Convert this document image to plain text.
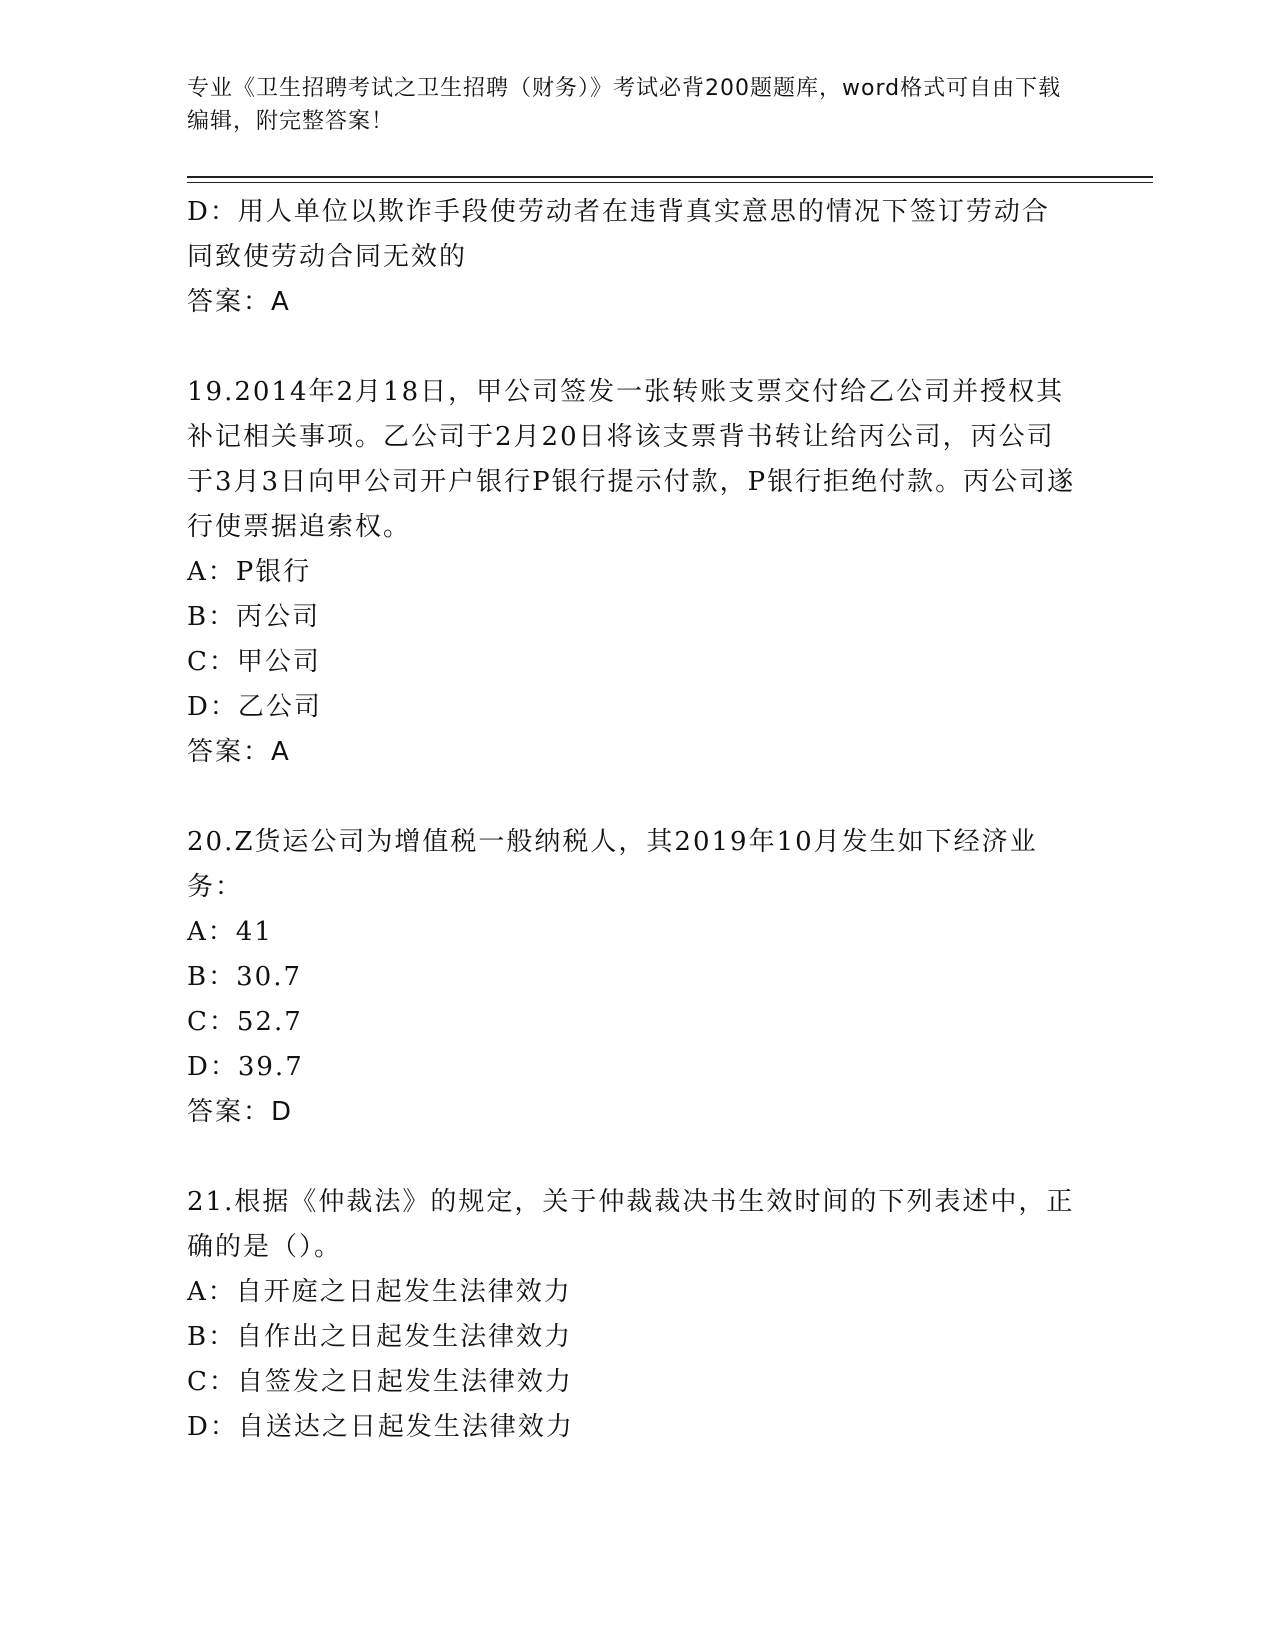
专业《卫生招聘考试之卫生招聘（财务）》考试必背200题题库，word格式可自由下载编辑，附完整答案！
D：用人单位以欺诈手段使劳动者在违背真实意思的情况下签订劳动合同致使劳动合同无效的
答案：A
19.2014年2月18日，甲公司签发一张转账支票交付给乙公司并授权其补记相关事项。乙公司于2月20日将该支票背书转让给丙公司，丙公司于3月3日向甲公司开户银行P银行提示付款，P银行拒绝付款。丙公司遂行使票据追索权。
A：P银行
B：丙公司
C：甲公司
D：乙公司
答案：A
20.Z货运公司为增值税一般纳税人，其2019年10月发生如下经济业务：
A：41
B：30.7
C：52.7
D：39.7
答案：D
21.根据《仲裁法》的规定，关于仲裁裁决书生效时间的下列表述中，正确的是（）。
A：自开庭之日起发生法律效力
B：自作出之日起发生法律效力
C：自签发之日起发生法律效力
D：自送达之日起发生法律效力
